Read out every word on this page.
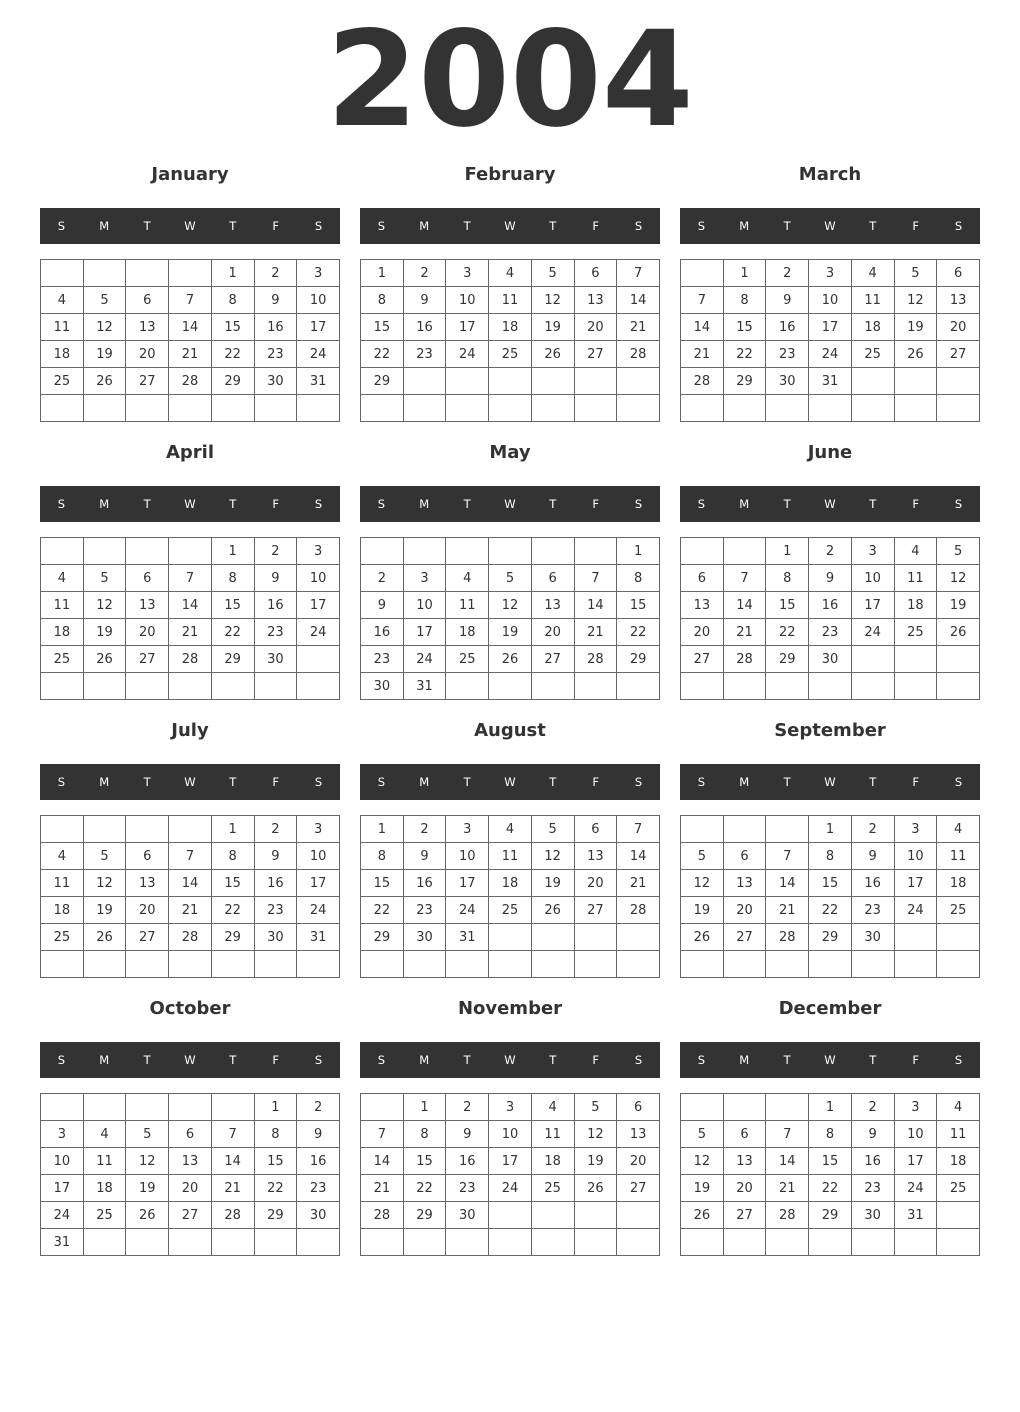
2004
January
S	M	T	W	T	F	S
				1	2	3
4	5	6	7	8	9	10
11	12	13	14	15	16	17
18	19	20	21	22	23	24
25	26	27	28	29	30	31

February
S	M	T	W	T	F	S
1	2	3	4	5	6	7
8	9	10	11	12	13	14
15	16	17	18	19	20	21
22	23	24	25	26	27	28
29						

March
S	M	T	W	T	F	S
	1	2	3	4	5	6
7	8	9	10	11	12	13
14	15	16	17	18	19	20
21	22	23	24	25	26	27
28	29	30	31			

April
S	M	T	W	T	F	S
				1	2	3
4	5	6	7	8	9	10
11	12	13	14	15	16	17
18	19	20	21	22	23	24
25	26	27	28	29	30	

May
S	M	T	W	T	F	S
						1
2	3	4	5	6	7	8
9	10	11	12	13	14	15
16	17	18	19	20	21	22
23	24	25	26	27	28	29
30	31					
June
S	M	T	W	T	F	S
		1	2	3	4	5
6	7	8	9	10	11	12
13	14	15	16	17	18	19
20	21	22	23	24	25	26
27	28	29	30			

July
S	M	T	W	T	F	S
				1	2	3
4	5	6	7	8	9	10
11	12	13	14	15	16	17
18	19	20	21	22	23	24
25	26	27	28	29	30	31

August
S	M	T	W	T	F	S
1	2	3	4	5	6	7
8	9	10	11	12	13	14
15	16	17	18	19	20	21
22	23	24	25	26	27	28
29	30	31				

September
S	M	T	W	T	F	S
			1	2	3	4
5	6	7	8	9	10	11
12	13	14	15	16	17	18
19	20	21	22	23	24	25
26	27	28	29	30		

October
S	M	T	W	T	F	S
					1	2
3	4	5	6	7	8	9
10	11	12	13	14	15	16
17	18	19	20	21	22	23
24	25	26	27	28	29	30
31						
November
S	M	T	W	T	F	S
	1	2	3	4	5	6
7	8	9	10	11	12	13
14	15	16	17	18	19	20
21	22	23	24	25	26	27
28	29	30				

December
S	M	T	W	T	F	S
			1	2	3	4
5	6	7	8	9	10	11
12	13	14	15	16	17	18
19	20	21	22	23	24	25
26	27	28	29	30	31	
